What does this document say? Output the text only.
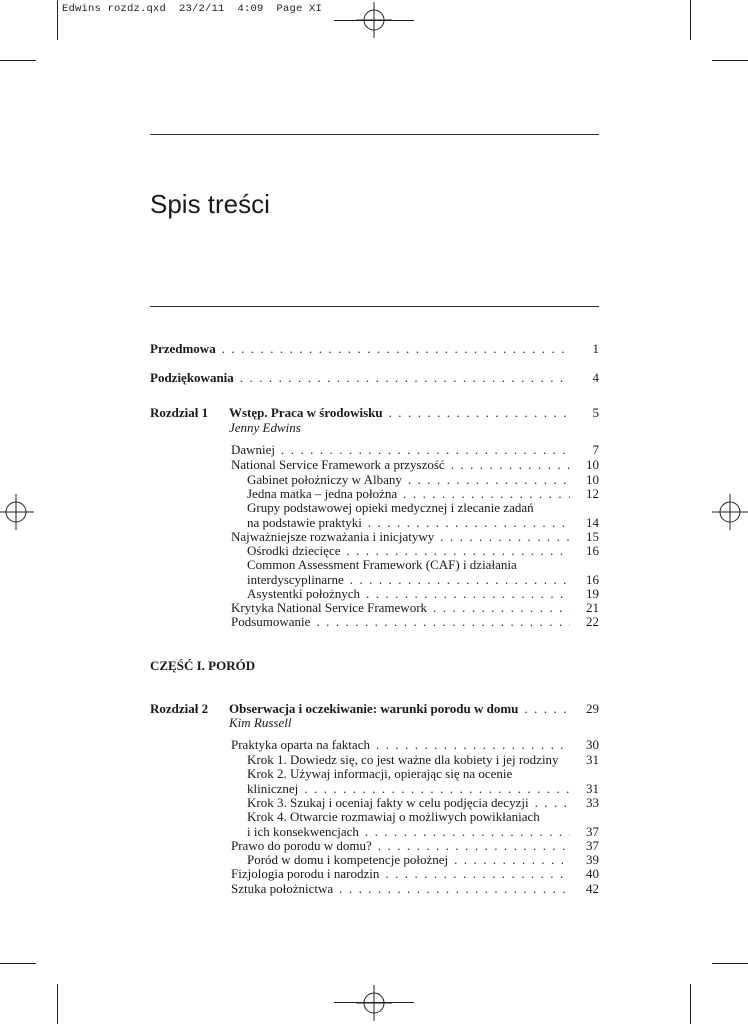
Edwins rozdz.qxd  23/2/11  4:09  Page XI
Spis treści
Przedmowa . . .	1
Podziękowania . . .	4
Rozdział 1 Wstęp. Praca w środowisku . . .	5
Jenny Edwins
Dawniej . . .	7
National Service Framework a przyszość . . .	10
Gabinet położniczy w Albany . . .	10
Jedna matka – jedna położna . . .	12
Grupy podstawowej opieki medycznej i zlecanie zadań
na podstawie praktyki . . .	14
Najważniejsze rozważania i inicjatywy . . .	15
Ośrodki dziecięce . . .	16
Common Assessment Framework (CAF) i działania
interdyscyplinarne . . .	16
Asystentki położnych . . .	19
Krytyka National Service Framework . . .	21
Podsumowanie . . .	22
CZĘŚĆ I. PORÓD
Rozdział 2 Obserwacja i oczekiwanie: warunki porodu w domu . . .	29
Kim Russell
Praktyka oparta na faktach . . .	30
Krok 1. Dowiedz się, co jest ważne dla kobiety i jej rodziny	31
Krok 2. Używaj informacji, opierając się na ocenie
klinicznej . . .	31
Krok 3. Szukaj i oceniaj fakty w celu podjęcia decyzji . . .	33
Krok 4. Otwarcie rozmawiaj o możliwych powikłaniach
i ich konsekwencjach . . .	37
Prawo do porodu w domu? . . .	37
Poród w domu i kompetencje położnej . . .	39
Fizjologia porodu i narodzin . . .	40
Sztuka położnictwa . . .	42
